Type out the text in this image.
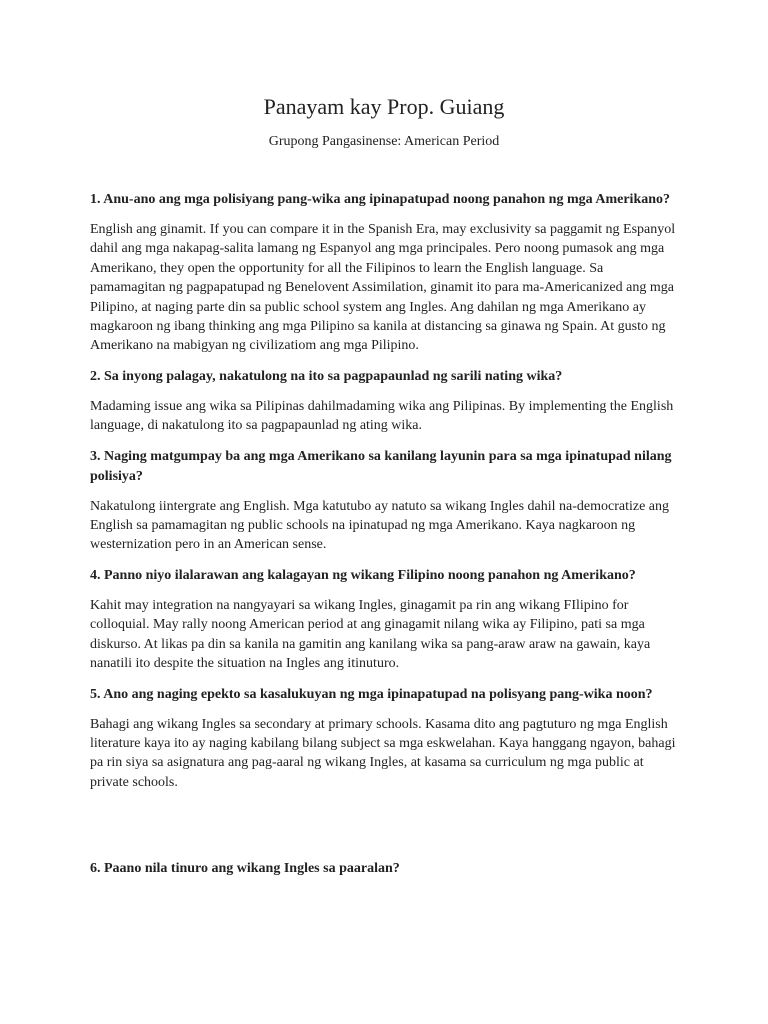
Panayam kay Prop. Guiang

Grupong Pangasinense: American Period

1. Anu-ano ang mga polisiyang pang-wika ang ipinapatupad noong panahon ng mga Amerikano?

English ang ginamit. If you can compare it in the Spanish Era, may exclusivity sa paggamit ng Espanyol dahil ang mga nakapag-salita lamang ng Espanyol ang mga principales. Pero noong pumasok ang mga Amerikano, they open the opportunity for all the Filipinos to learn the English language. Sa pamamagitan ng pagpapatupad ng Benelovent Assimilation, ginamit ito para ma-Americanized ang mga Pilipino, at naging parte din sa public school system ang Ingles. Ang dahilan ng mga Amerikano ay magkaroon ng ibang thinking ang mga Pilipino sa kanila at distancing sa ginawa ng Spain. At gusto ng Amerikano na mabigyan ng civilizatiom ang mga Pilipino.

2. Sa inyong palagay, nakatulong na ito sa pagpapaunlad ng sarili nating wika?

Madaming issue ang wika sa Pilipinas dahilmadaming wika ang Pilipinas. By implementing the English language, di nakatulong ito sa pagpapaunlad ng ating wika.

3. Naging matgumpay ba ang mga Amerikano sa kanilang layunin para sa mga ipinatupad nilang polisiya?

Nakatulong iintergrate ang English. Mga katutubo ay natuto sa wikang Ingles dahil na-democratize ang English sa pamamagitan ng public schools na ipinatupad ng mga Amerikano. Kaya nagkaroon ng westernization pero in an American sense.

4. Panno niyo ilalarawan ang kalagayan ng wikang Filipino noong panahon ng Amerikano?

Kahit may integration na nangyayari sa wikang Ingles, ginagamit pa rin ang wikang FIlipino for colloquial. May rally noong American period at ang ginagamit nilang wika ay Filipino, pati sa mga diskurso. At likas pa din sa kanila na gamitin ang kanilang wika sa pang-araw araw na gawain, kaya nanatili ito despite the situation na Ingles ang itinuturo.

5. Ano ang naging epekto sa kasalukuyan ng mga ipinapatupad na polisyang pang-wika noon?

Bahagi ang wikang Ingles sa secondary at primary schools. Kasama dito ang pagtuturo ng mga English literature kaya ito ay naging kabilang bilang subject sa mga eskwelahan. Kaya hanggang ngayon, bahagi pa rin siya sa asignatura ang pag-aaral ng wikang Ingles, at kasama sa curriculum ng mga public at private schools.

6. Paano nila tinuro ang wikang Ingles sa paaralan?
